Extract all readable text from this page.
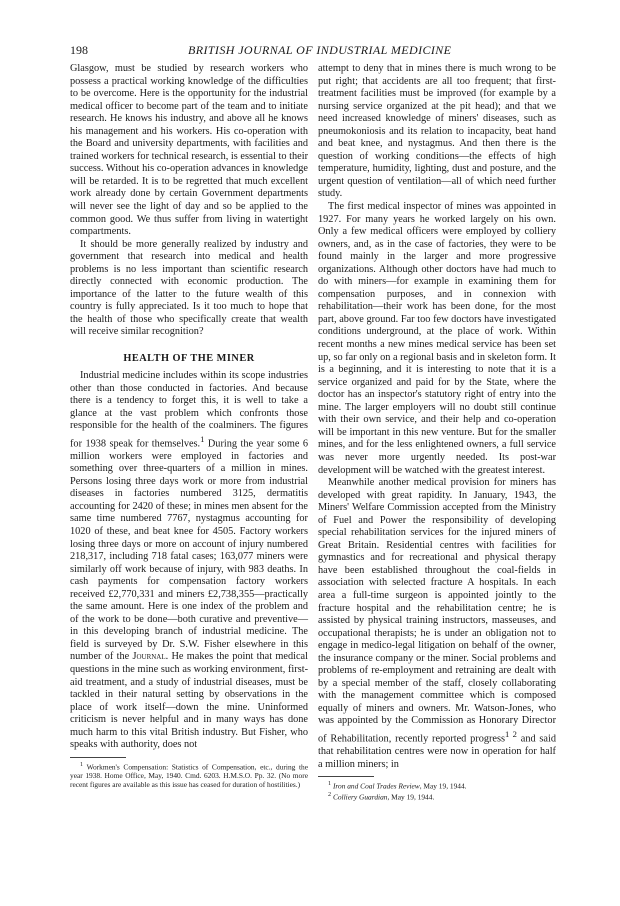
198	BRITISH JOURNAL OF INDUSTRIAL MEDICINE

Glasgow, must be studied by research workers who possess a practical working knowledge of the difficulties to be overcome. Here is the opportunity for the industrial medical officer to become part of the team and to initiate research. He knows his industry, and above all he knows his management and his workers. His co-operation with the Board and university departments, with facilities and trained workers for technical research, is essential to their success. Without his co-operation advances in knowledge will be retarded. It is to be regretted that much excellent work already done by certain Government departments will never see the light of day and so be applied to the common good. We thus suffer from living in watertight compartments.

It should be more generally realized by industry and government that research into medical and health problems is no less important than scientific research directly connected with economic production. The importance of the latter to the future wealth of this country is fully appreciated. Is it too much to hope that the health of those who specifically create that wealth will receive similar recognition?

HEALTH OF THE MINER

Industrial medicine includes within its scope industries other than those conducted in factories. And because there is a tendency to forget this, it is well to take a glance at the vast problem which confronts those responsible for the health of the coalminers. The figures for 1938 speak for themselves.$^1$ During the year some 6 million workers were employed in factories and something over three-quarters of a million in mines. Persons losing three days work or more from industrial diseases in factories numbered 3125, dermatitis accounting for 2420 of these; in mines men absent for the same time numbered 7767, nystagmus accounting for 1020 of these, and beat knee for 4505. Factory workers losing three days or more on account of injury numbered 218,317, including 718 fatal cases; 163,077 miners were similarly off work because of injury, with 983 deaths. In cash payments for compensation factory workers received £2,770,331 and miners £2,738,355—practically the same amount. Here is one index of the problem and of the work to be done—both curative and preventive—in this developing branch of industrial medicine. The field is surveyed by Dr. S.W. Fisher elsewhere in this number of the Journal. He makes the point that medical questions in the mine such as working environment, first-aid treatment, and a study of industrial diseases, must be tackled in their natural setting by observations in the place of work itself—down the mine. Uninformed criticism is never helpful and in many ways has done much harm to this vital British industry. But Fisher, who speaks with authority, does not

$^1$ Workmen's Compensation: Statistics of Compensation, etc., during the year 1938. Home Office, May, 1940. Cmd. 6203. H.M.S.O. Pp. 32. (No more recent figures are available as this issue has ceased for duration of hostilities.)

attempt to deny that in mines there is much wrong to be put right; that accidents are all too frequent; that first-treatment facilities must be improved (for example by a nursing service organized at the pit head); and that we need increased knowledge of miners' diseases, such as pneumokoniosis and its relation to incapacity, beat hand and beat knee, and nystagmus. And then there is the question of working conditions—the effects of high temperature, humidity, lighting, dust and posture, and the urgent question of ventilation—all of which need further study.

The first medical inspector of mines was appointed in 1927. For many years he worked largely on his own. Only a few medical officers were employed by colliery owners, and, as in the case of factories, they were to be found mainly in the larger and more progressive organizations. Although other doctors have had much to do with miners—for example in examining them for compensation purposes, and in connexion with rehabilitation—their work has been done, for the most part, above ground. Far too few doctors have investigated conditions underground, at the place of work. Within recent months a new mines medical service has been set up, so far only on a regional basis and in skeleton form. It is a beginning, and it is interesting to note that it is a service organized and paid for by the State, where the doctor has an inspector's statutory right of entry into the mine. The larger employers will no doubt still continue with their own service, and their help and co-operation will be important in this new venture. But for the smaller mines, and for the less enlightened owners, a full service was never more urgently needed. Its post-war development will be watched with the greatest interest.

Meanwhile another medical provision for miners has developed with great rapidity. In January, 1943, the Miners' Welfare Commission accepted from the Ministry of Fuel and Power the responsibility of developing special rehabilitation services for the injured miners of Great Britain. Residential centres with facilities for gymnastics and for recreational and physical therapy have been established throughout the coal-fields in association with selected fracture A hospitals. In each area a full-time surgeon is appointed jointly to the fracture hospital and the rehabilitation centre; he is assisted by physical training instructors, masseuses, and occupational therapists; he is under an obligation not to engage in medico-legal litigation on behalf of the owner, the insurance company or the miner. Social problems and problems of re-employment and retraining are dealt with by a special member of the staff, closely collaborating with the management committee which is composed equally of miners and owners. Mr. Watson-Jones, who was appointed by the Commission as Honorary Director of Rehabilitation, recently reported progress$^{1 2}$ and said that rehabilitation centres were now in operation for half a million miners; in

$^1$ Iron and Coal Trades Review, May 19, 1944.

$^2$ Colliery Guardian, May 19, 1944.
